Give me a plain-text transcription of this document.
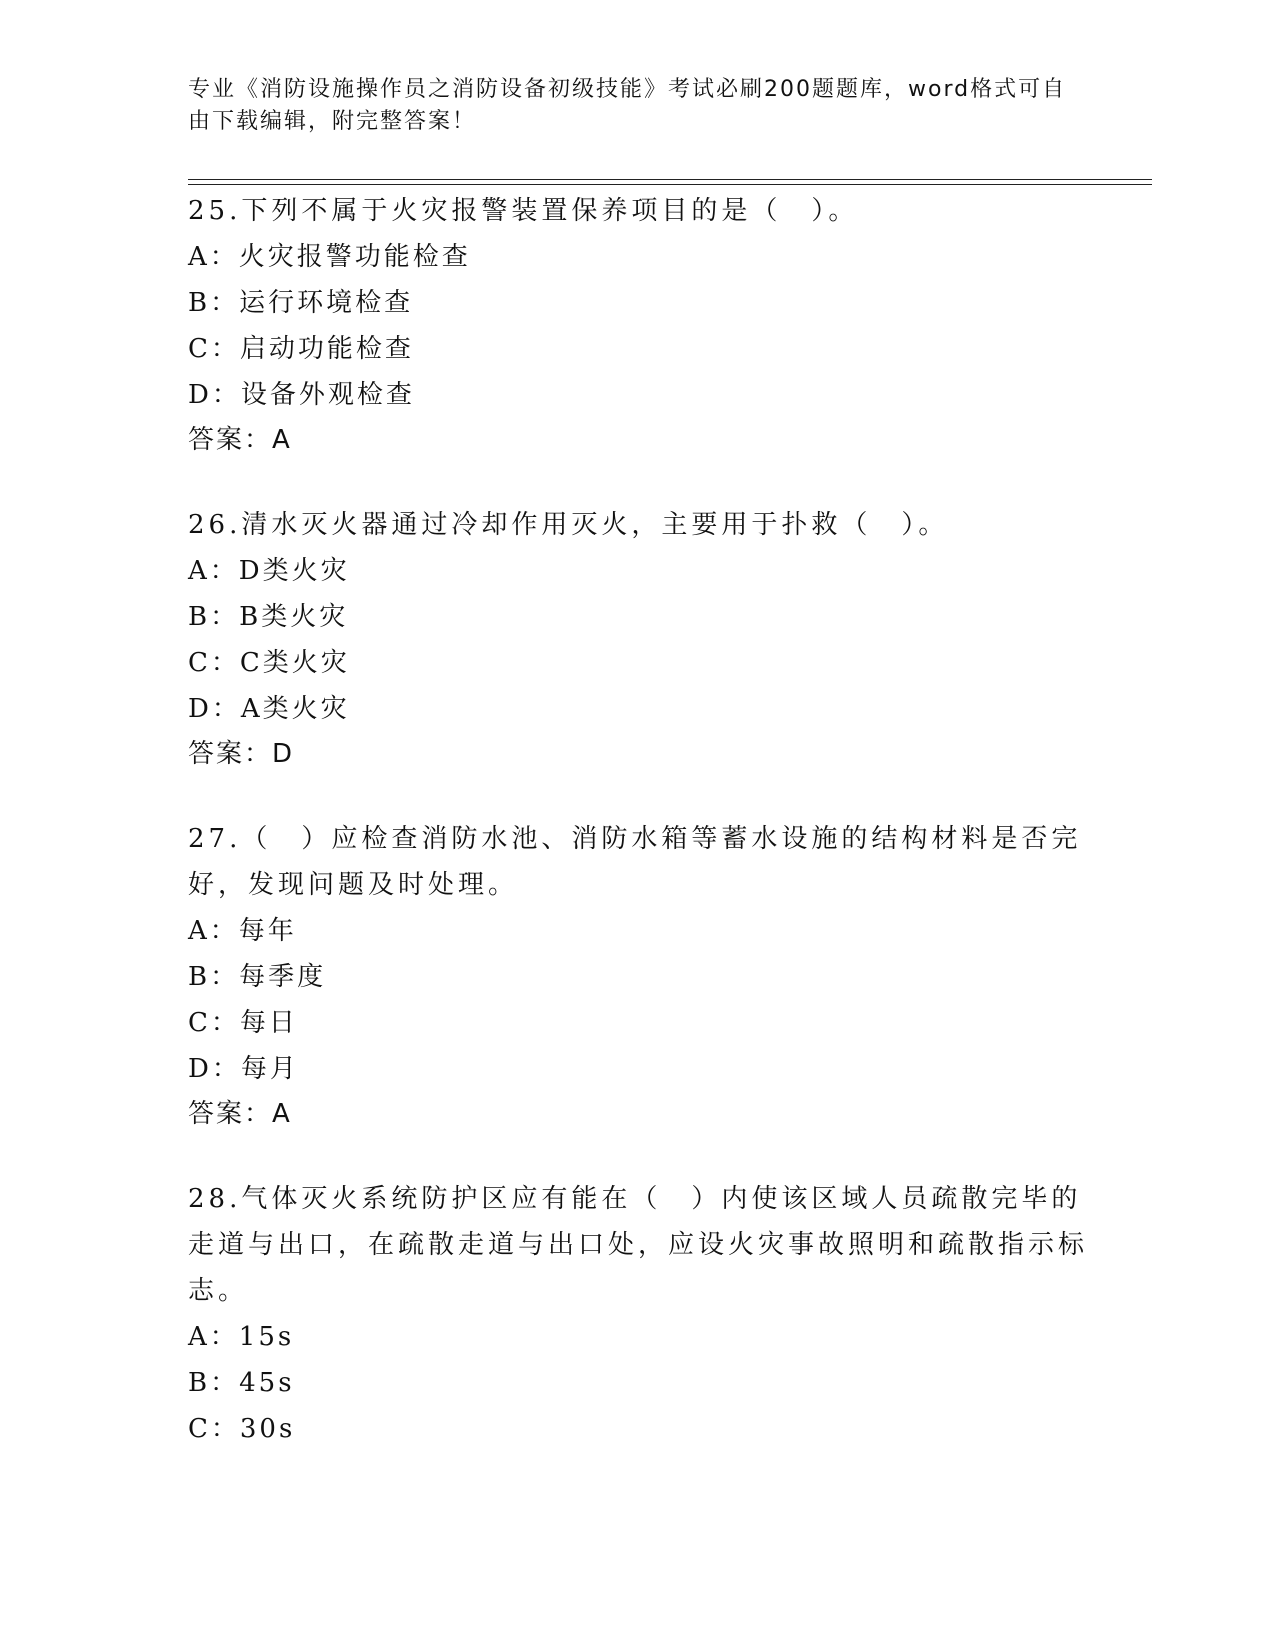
专业《消防设施操作员之消防设备初级技能》考试必刷200题题库，word格式可自由下载编辑，附完整答案！

25.下列不属于火灾报警装置保养项目的是（　）。

A：火灾报警功能检查

B：运行环境检查

C：启动功能检查

D：设备外观检查

答案：A

26.清水灭火器通过冷却作用灭火，主要用于扑救（　）。

A：D类火灾

B：B类火灾

C：C类火灾

D：A类火灾

答案：D

27.（　）应检查消防水池、消防水箱等蓄水设施的结构材料是否完好，发现问题及时处理。

A：每年

B：每季度

C：每日

D：每月

答案：A

28.气体灭火系统防护区应有能在（　）内使该区域人员疏散完毕的走道与出口，在疏散走道与出口处，应设火灾事故照明和疏散指示标志。

A：15s

B：45s

C：30s
